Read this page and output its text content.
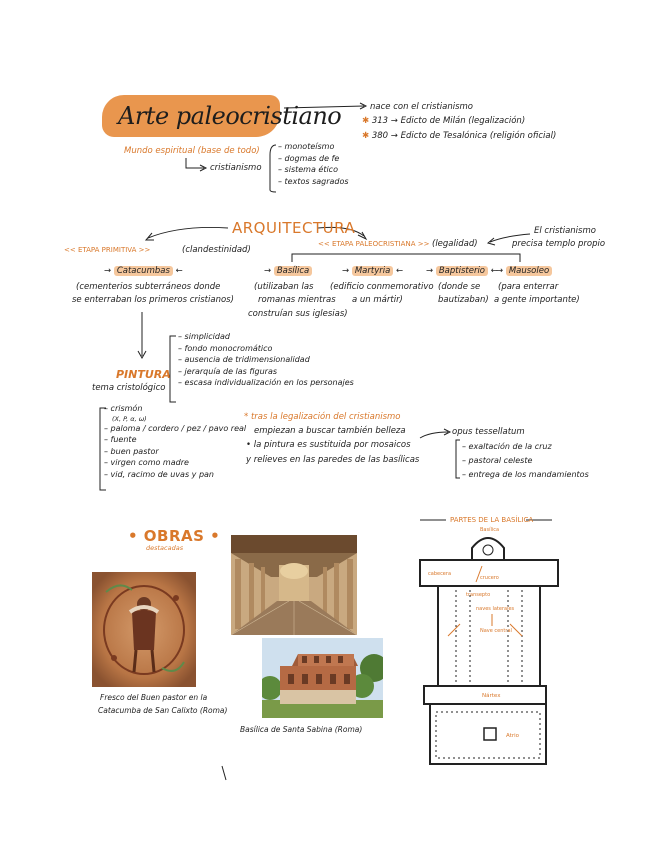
Arte paleocristiano	nace con el cristianismo
✱ 313 → Edicto de Milán (legalización)
✱ 380 → Edicto de Tesalónica (religión oficial)
Mundo espiritual (base de todo)
cristianismo
– monoteísmo
– dogmas de fe
– sistema ético
– textos sagrados
ARQUITECTURA	El cristianismo
precisa templo propio
<< ETAPA PRIMITIVA >>	(clandestinidad)
<< ETAPA PALEOCRISTIANA >> (legalidad)
→ Catacumbas ←
(cementerios subterráneos donde
se enterraban los primeros cristianos)
→ Basílica
(utilizaban las
romanas mientras
construían sus iglesias)
→ Martyria ←
(edificio conmemorativo
a un mártir)
→ Baptisterio ←
(donde se
bautizaban)
→ Mausoleo
(para enterrar
a gente importante)
PINTURA
tema cristológico
– simplicidad
– fondo monocromático
– ausencia de tridimensionalidad
– jerarquía de las figuras
– escasa individualización en los personajes
– crismón
(X, P, α, ω)
– paloma / cordero / pez / pavo real
– fuente
– buen pastor
– virgen como madre
– vid, racimo de uvas y pan
* tras la legalización del cristianismo
empiezan a buscar también belleza
• la pintura es sustituida por mosaicos
y relieves en las paredes de las basílicas
opus tessellatum
– exaltación de la cruz
– pastoral celeste
– entrega de los mandamientos
• OBRAS •
destacadas
Fresco del Buen pastor en la
Catacumba de San Calixto (Roma)
Basílica de Santa Sabina (Roma)
PARTES DE LA BASÍLICA
Basílica
cabecera
crucero
transepto
naves laterales
Nave central
Nártex
Atrio
